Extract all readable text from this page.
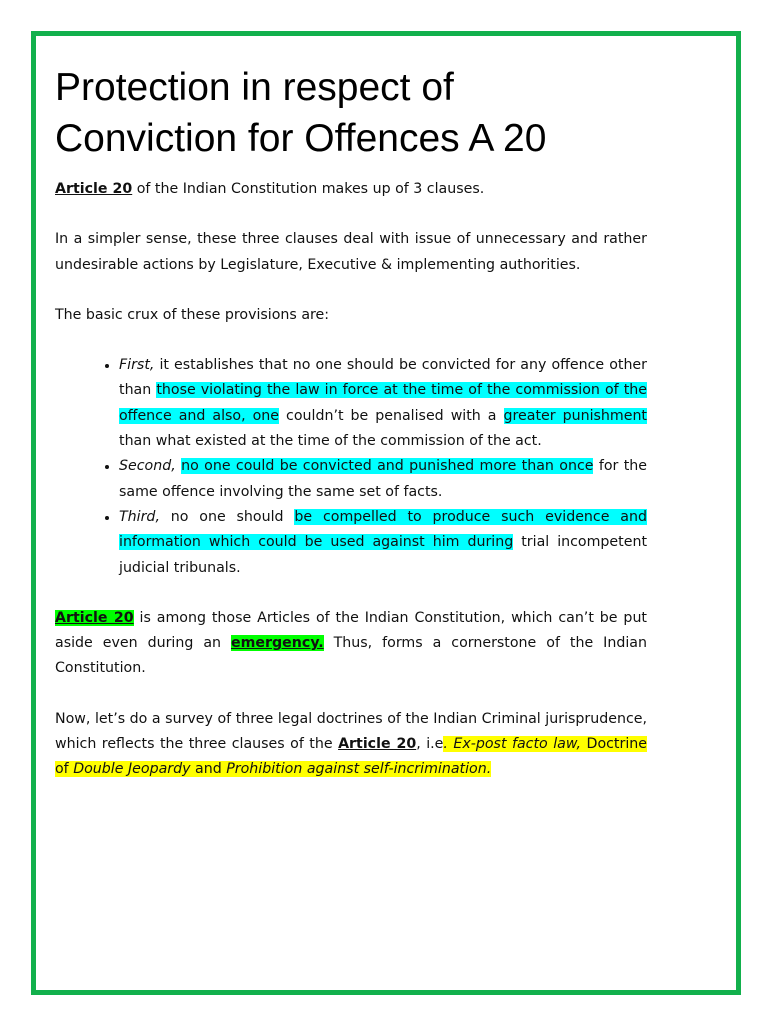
Protection in respect of
Conviction for Offences A 20

Article 20 of the Indian Constitution makes up of 3 clauses.

In a simpler sense, these three clauses deal with issue of unnecessary and rather undesirable actions by Legislature, Executive & implementing authorities.

The basic crux of these provisions are:

• First, it establishes that no one should be convicted for any offence other than those violating the law in force at the time of the commission of the offence and also, one couldn’t be penalised with a greater punishment than what existed at the time of the commission of the act.
• Second, no one could be convicted and punished more than once for the same offence involving the same set of facts.
• Third, no one should be compelled to produce such evidence and information which could be used against him during trial incompetent judicial tribunals.

Article 20 is among those Articles of the Indian Constitution, which can’t be put aside even during an emergency. Thus, forms a cornerstone of the Indian Constitution.

Now, let’s do a survey of three legal doctrines of the Indian Criminal jurisprudence, which reflects the three clauses of the Article 20, i.e. Ex-post facto law, Doctrine of Double Jeopardy and Prohibition against self-incrimination.
